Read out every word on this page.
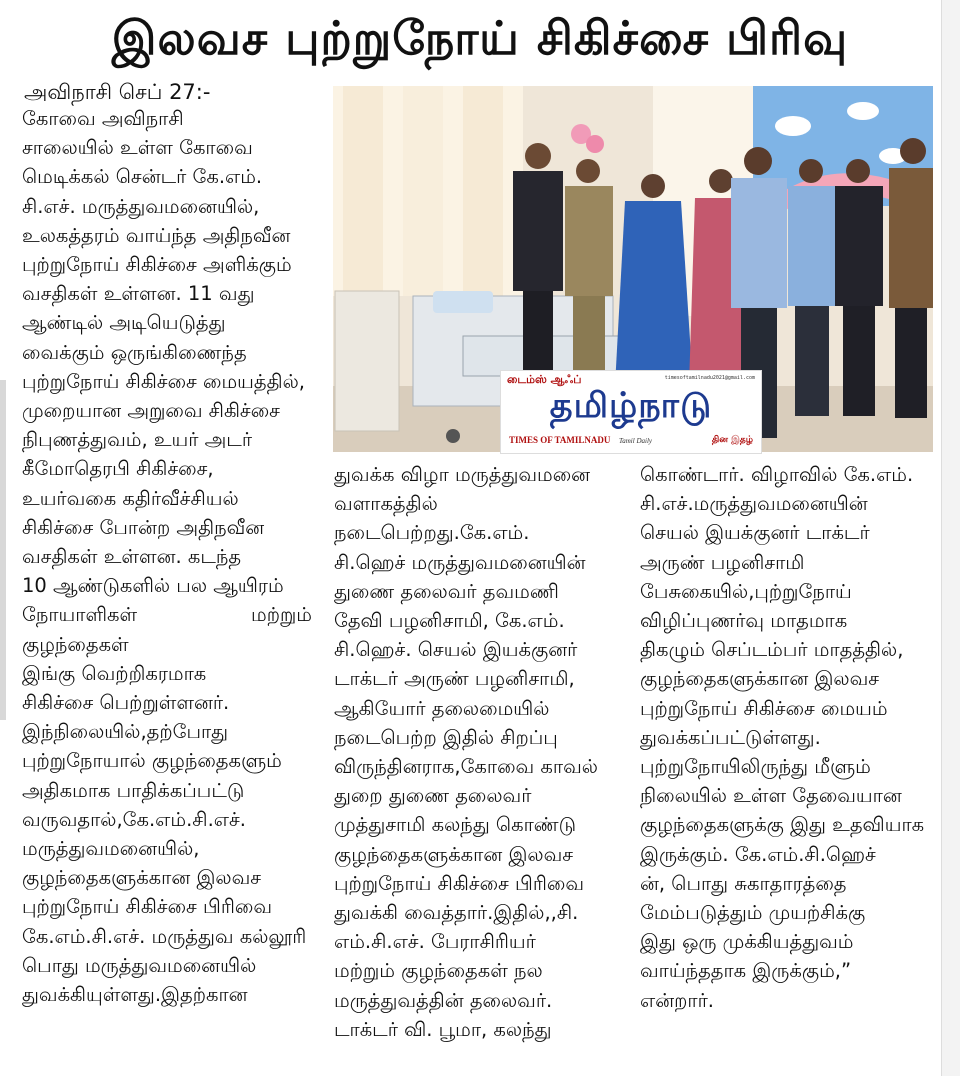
இலவச புற்றுநோய் சிகிச்சை பிரிவு
அவிநாசி செப் 27:-
கோவை அவிநாசி
சாலையில் உள்ள கோவை
மெடிக்கல் சென்டர் கே.எம்.
சி.எச். மருத்துவமனையில்,
உலகத்தரம் வாய்ந்த அதிநவீன
புற்றுநோய் சிகிச்சை அளிக்கும்
வசதிகள் உள்ளன. 11 வது
ஆண்டில் அடியெடுத்து
வைக்கும் ஒருங்கிணைந்த
புற்றுநோய் சிகிச்சை மையத்தில்,
முறையான அறுவை சிகிச்சை
நிபுணத்துவம், உயர் அடர்
கீமோதெரபி சிகிச்சை,
உயர்வகை கதிர்வீச்சியல்
சிகிச்சை போன்ற அதிநவீன
வசதிகள் உள்ளன. கடந்த
10 ஆண்டுகளில் பல ஆயிரம்
நோயாளிகள் மற்றும் குழந்தைகள்
இங்கு வெற்றிகரமாக
சிகிச்சை பெற்றுள்ளனர்.
இந்நிலையில்,தற்போது
புற்றுநோயால் குழந்தைகளும்
அதிகமாக பாதிக்கப்பட்டு
வருவதால்,கே.எம்.சி.எச்.
மருத்துவமனையில்,
குழந்தைகளுக்கான இலவச
புற்றுநோய் சிகிச்சை பிரிவை
கே.எம்.சி.எச். மருத்துவ கல்லூரி
பொது மருத்துவமனையில்
துவக்கியுள்ளது.இதற்கான
டைம்ஸ் ஆஃப்	timesoftamilnadu2021@gmail.com
தமிழ்நாடு
TIMES OF TAMILNADU Tamil Daily	தின இதழ்
துவக்க விழா மருத்துவமனை
வளாகத்தில் நடைபெற்றது.கே.எம்.
சி.ஹெச் மருத்துவமனையின்
துணை தலைவர் தவமணி
தேவி பழனிசாமி, கே.எம்.
சி.ஹெச். செயல் இயக்குனர்
டாக்டர் அருண் பழனிசாமி,
ஆகியோர் தலைமையில்
நடைபெற்ற இதில் சிறப்பு
விருந்தினராக,கோவை காவல்
துறை துணை தலைவர்
முத்துசாமி கலந்து கொண்டு
குழந்தைகளுக்கான இலவச
புற்றுநோய் சிகிச்சை பிரிவை
துவக்கி வைத்தார்.இதில்,,சி.
எம்.சி.எச். பேராசிரியர்
மற்றும் குழந்தைகள் நல
மருத்துவத்தின் தலைவர்.
டாக்டர் வி. பூமா, கலந்து
கொண்டார். விழாவில் கே.எம்.
சி.எச்.மருத்துவமனையின்
செயல் இயக்குனர் டாக்டர்
அருண் பழனிசாமி
பேசுகையில்,புற்றுநோய்
விழிப்புணர்வு மாதமாக
திகழும் செப்டம்பர் மாதத்தில்,
குழந்தைகளுக்கான இலவச
புற்றுநோய் சிகிச்சை மையம்
துவக்கப்பட்டுள்ளது.
புற்றுநோயிலிருந்து மீளும்
நிலையில் உள்ள தேவையான
குழந்தைகளுக்கு இது உதவியாக
இருக்கும். கே.எம்.சி.ஹெச்
ன், பொது சுகாதாரத்தை
மேம்படுத்தும் முயற்சிக்கு
இது ஒரு முக்கியத்துவம்
வாய்ந்ததாக இருக்கும்,”
என்றார்.
